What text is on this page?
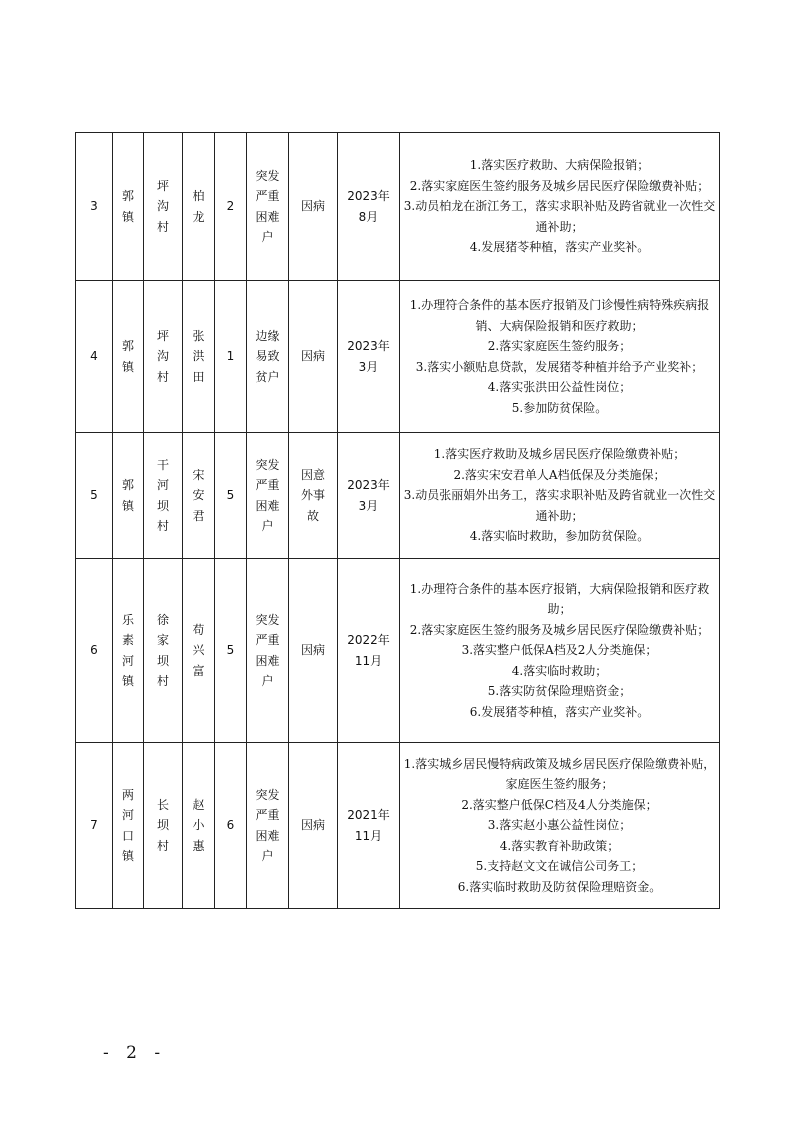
3	
郭
镇

坪
沟
村

柏
龙
	2	
突发
严重
困难
户

因病

2023年
8月

1.落实医疗救助、大病保险报销；
2.落实家庭医生签约服务及城乡居民医疗保险缴费补贴；
3.动员柏龙在浙江务工，落实求职补贴及跨省就业一次性交通补助；
4.发展猪苓种植，落实产业奖补。

4	
郭
镇

坪
沟
村

张
洪
田
	1	
边缘
易致
贫户

因病

2023年
3月

1.办理符合条件的基本医疗报销及门诊慢性病特殊疾病报销、大病保险报销和医疗救助；
2.落实家庭医生签约服务；
3.落实小额贴息贷款，发展猪苓种植并给予产业奖补；
4.落实张洪田公益性岗位；
5.参加防贫保险。

5	
郭
镇

干
河
坝
村

宋
安
君
	5	
突发
严重
困难
户

因意
外事
故

2023年
3月

1.落实医疗救助及城乡居民医疗保险缴费补贴；
2.落实宋安君单人A档低保及分类施保；
3.动员张丽娟外出务工，落实求职补贴及跨省就业一次性交通补助；
4.落实临时救助，参加防贫保险。

6	
乐
素
河
镇

徐
家
坝
村

苟
兴
富
	5	
突发
严重
困难
户

因病

2022年
11月

1.办理符合条件的基本医疗报销，大病保险报销和医疗救助；
2.落实家庭医生签约服务及城乡居民医疗保险缴费补贴；
3.落实整户低保A档及2人分类施保；
4.落实临时救助；
5.落实防贫保险理赔资金；
6.发展猪苓种植，落实产业奖补。

7	
两
河
口
镇

长
坝
村

赵
小
惠
	6	
突发
严重
困难
户

因病

2021年
11月

1.落实城乡居民慢特病政策及城乡居民医疗保险缴费补贴，家庭医生签约服务；
2.落实整户低保C档及4人分类施保；
3.落实赵小惠公益性岗位；
4.落实教育补助政策；
5.支持赵文文在诚信公司务工；
6.落实临时救助及防贫保险理赔资金。
- 2 -
